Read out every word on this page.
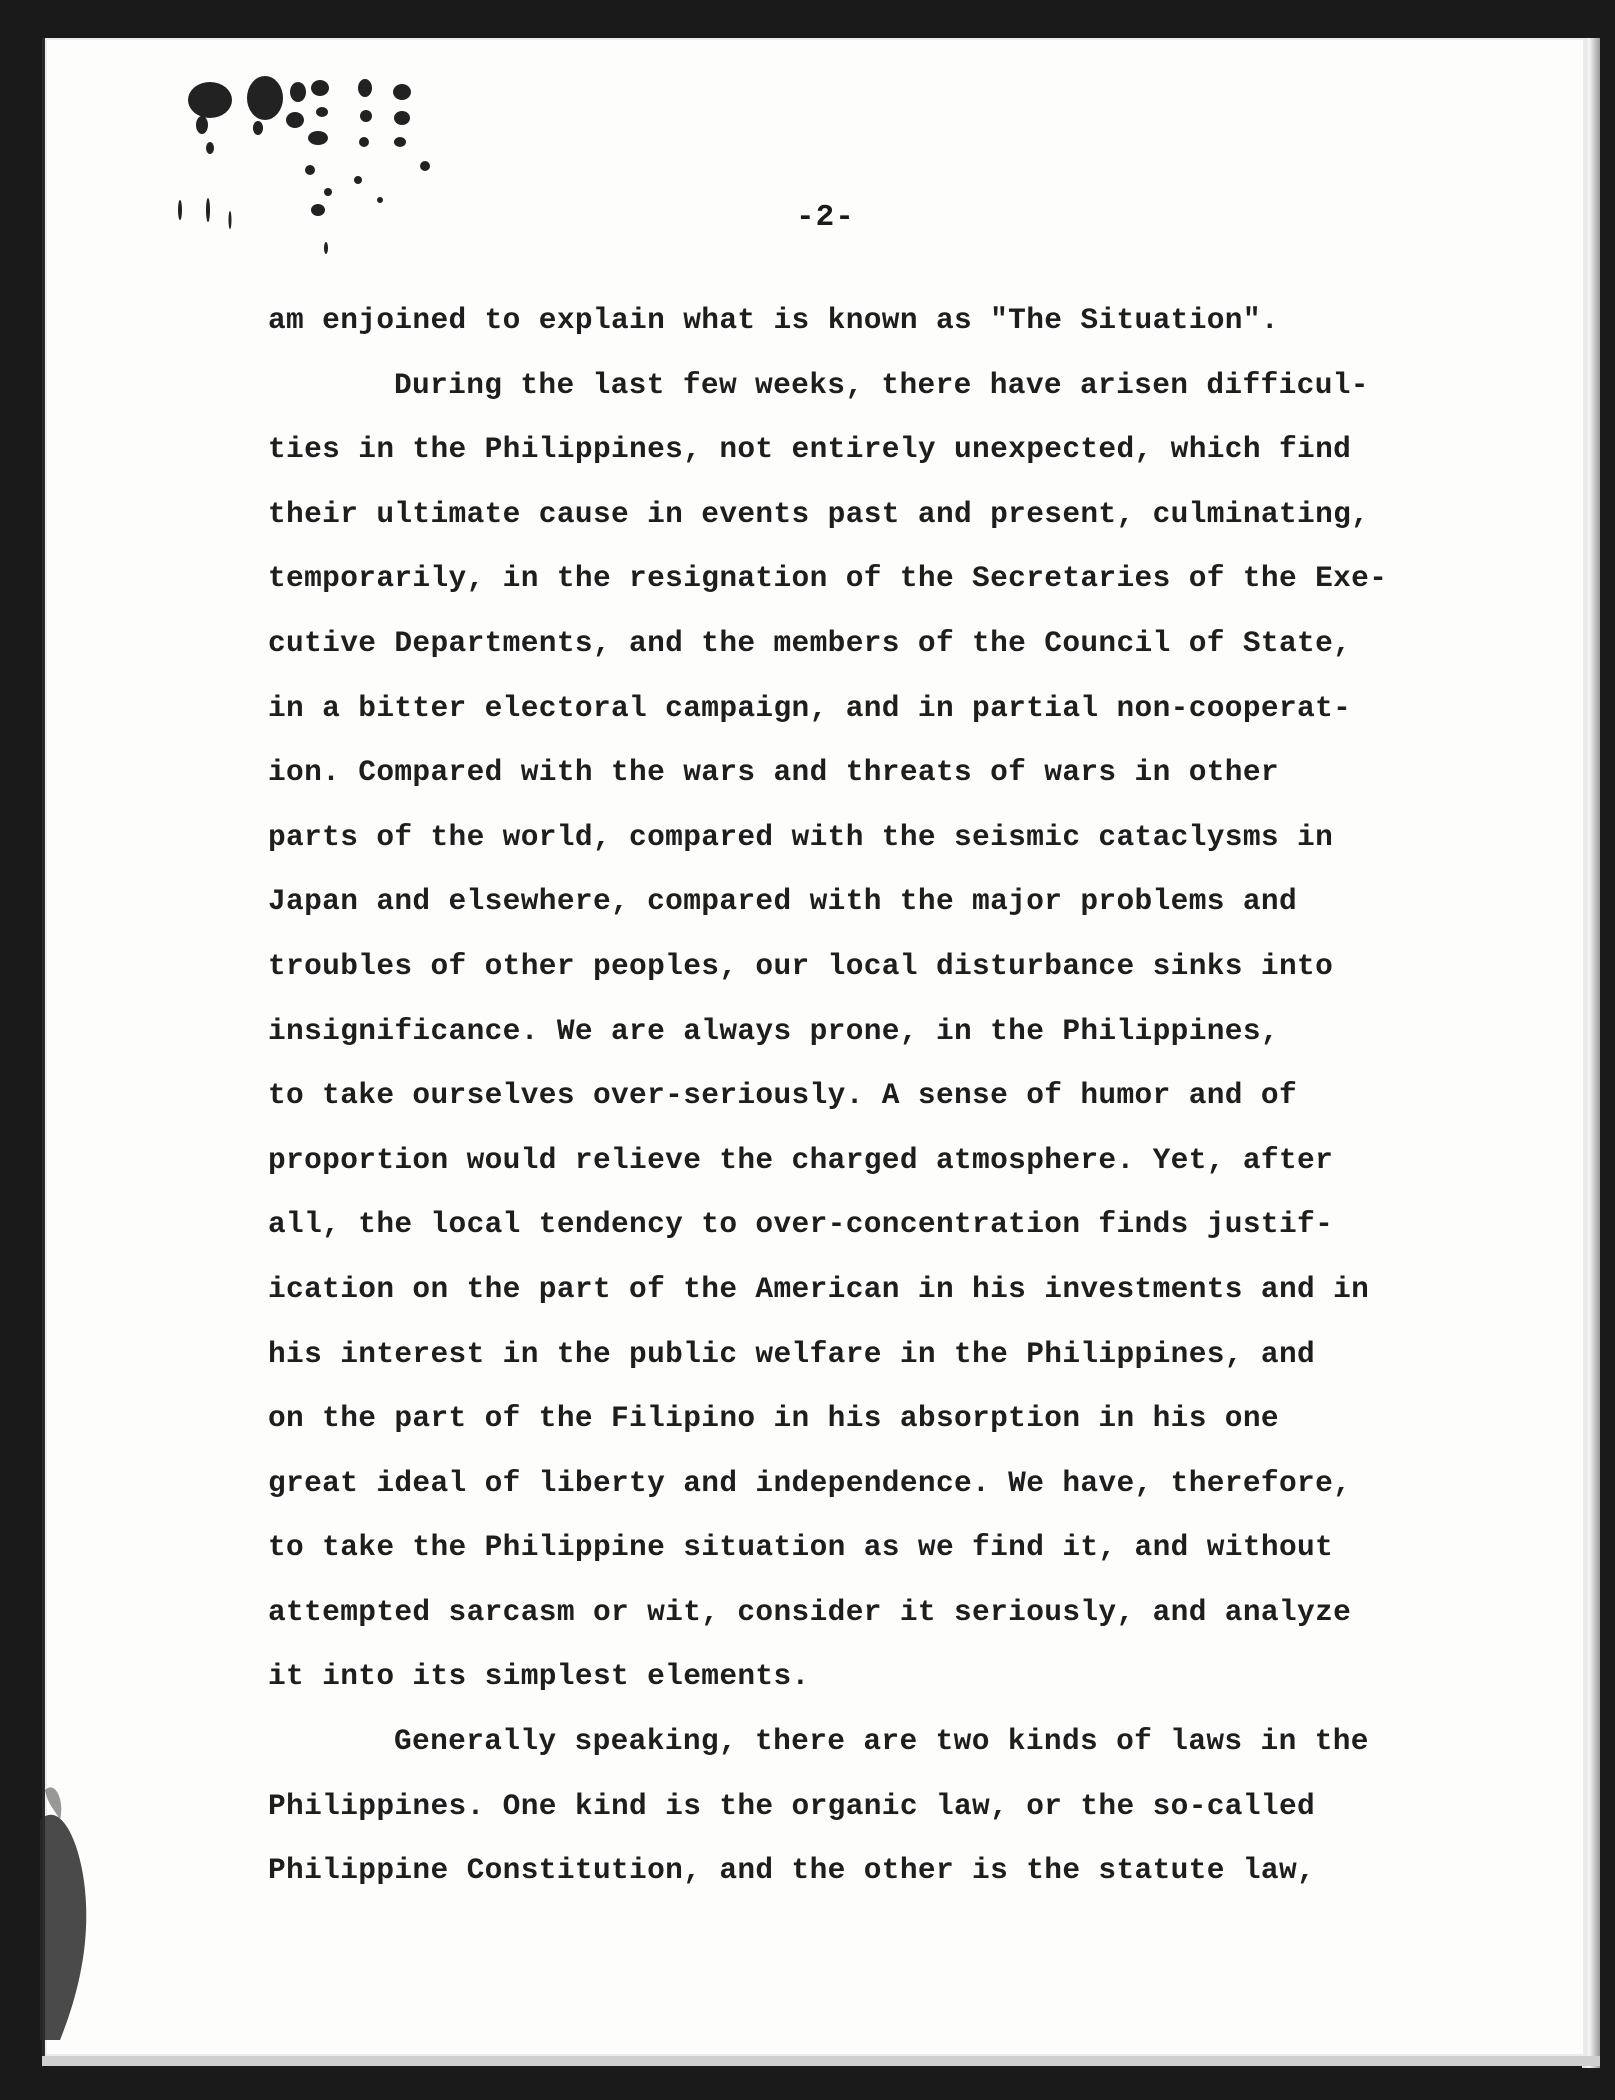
-2-
am enjoined to explain what is known as "The Situation".
During the last few weeks, there have arisen difficul-
ties in the Philippines, not entirely unexpected, which find
their ultimate cause in events past and present, culminating,
temporarily, in the resignation of the Secretaries of the Exe-
cutive Departments, and the members of the Council of State,
in a bitter electoral campaign, and in partial non-cooperat-
ion. Compared with the wars and threats of wars in other
parts of the world, compared with the seismic cataclysms in
Japan and elsewhere, compared with the major problems and
troubles of other peoples, our local disturbance sinks into
insignificance. We are always prone, in the Philippines,
to take ourselves over-seriously. A sense of humor and of
proportion would relieve the charged atmosphere. Yet, after
all, the local tendency to over-concentration finds justif-
ication on the part of the American in his investments and in
his interest in the public welfare in the Philippines, and
on the part of the Filipino in his absorption in his one
great ideal of liberty and independence. We have, therefore,
to take the Philippine situation as we find it, and without
attempted sarcasm or wit, consider it seriously, and analyze
it into its simplest elements.
Generally speaking, there are two kinds of laws in the
Philippines. One kind is the organic law, or the so-called
Philippine Constitution, and the other is the statute law,
